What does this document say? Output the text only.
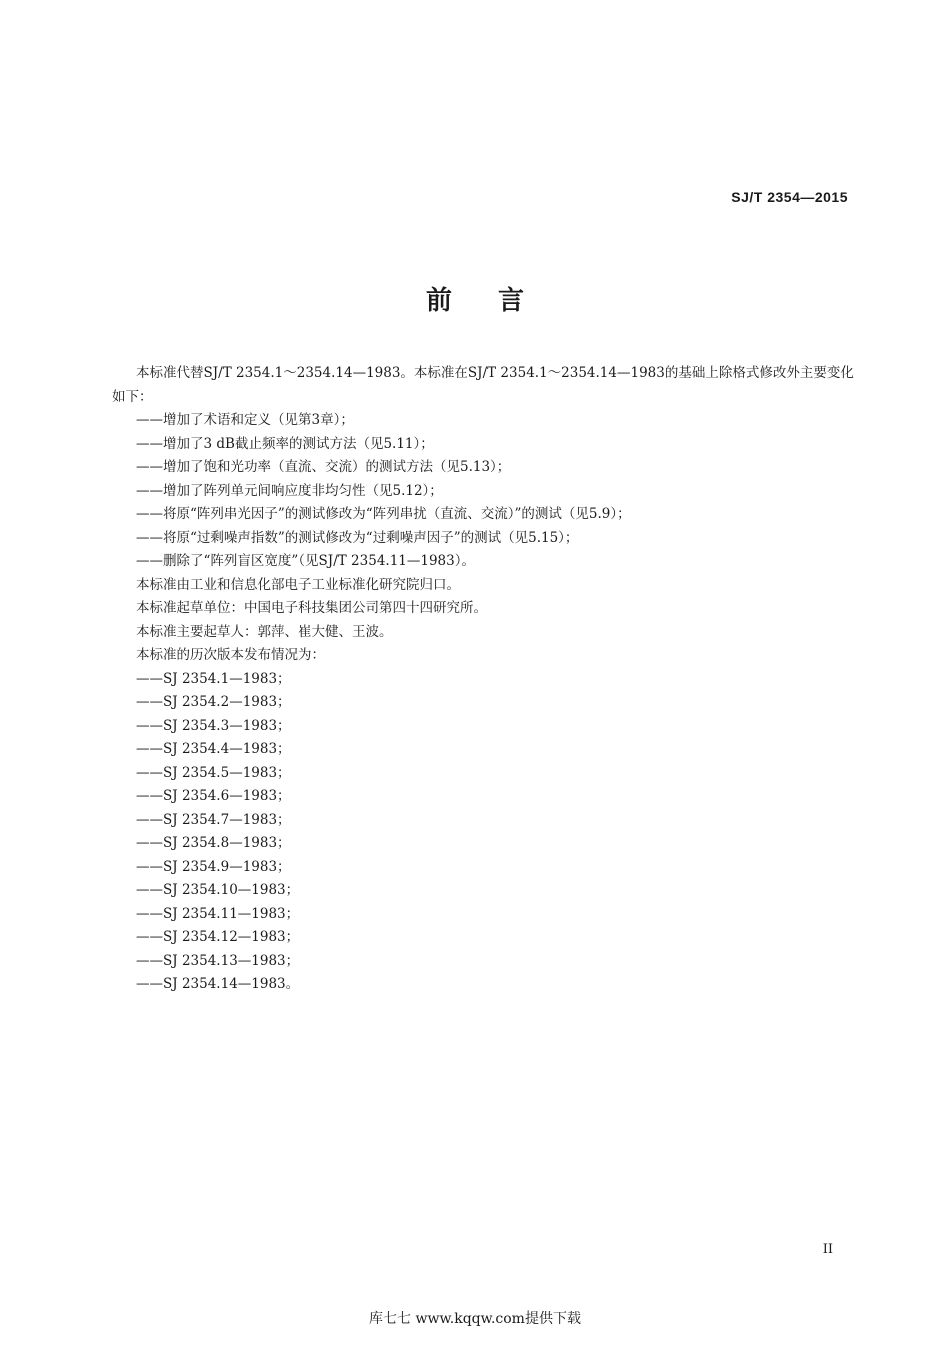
SJ/T 2354—2015
前言

本标准代替SJ/T 2354.1～2354.14—1983。本标准在SJ/T 2354.1～2354.14—1983的基础上除格式修改外主要变化如下：

——增加了术语和定义（见第3章）；

——增加了3 dB截止频率的测试方法（见5.11）；

——增加了饱和光功率（直流、交流）的测试方法（见5.13）；

——增加了阵列单元间响应度非均匀性（见5.12）；

——将原“阵列串光因子”的测试修改为“阵列串扰（直流、交流）”的测试（见5.9）；

——将原“过剩噪声指数”的测试修改为“过剩噪声因子”的测试（见5.15）；

——删除了“阵列盲区宽度”（见SJ/T 2354.11—1983）。

本标准由工业和信息化部电子工业标准化研究院归口。

本标准起草单位：中国电子科技集团公司第四十四研究所。

本标准主要起草人：郭萍、崔大健、王波。

本标准的历次版本发布情况为：

——SJ 2354.1—1983；

——SJ 2354.2—1983；

——SJ 2354.3—1983；

——SJ 2354.4—1983；

——SJ 2354.5—1983；

——SJ 2354.6—1983；

——SJ 2354.7—1983；

——SJ 2354.8—1983；

——SJ 2354.9—1983；

——SJ 2354.10—1983；

——SJ 2354.11—1983；

——SJ 2354.12—1983；

——SJ 2354.13—1983；

——SJ 2354.14—1983。

II
库七七 www.kqqw.com提供下载
